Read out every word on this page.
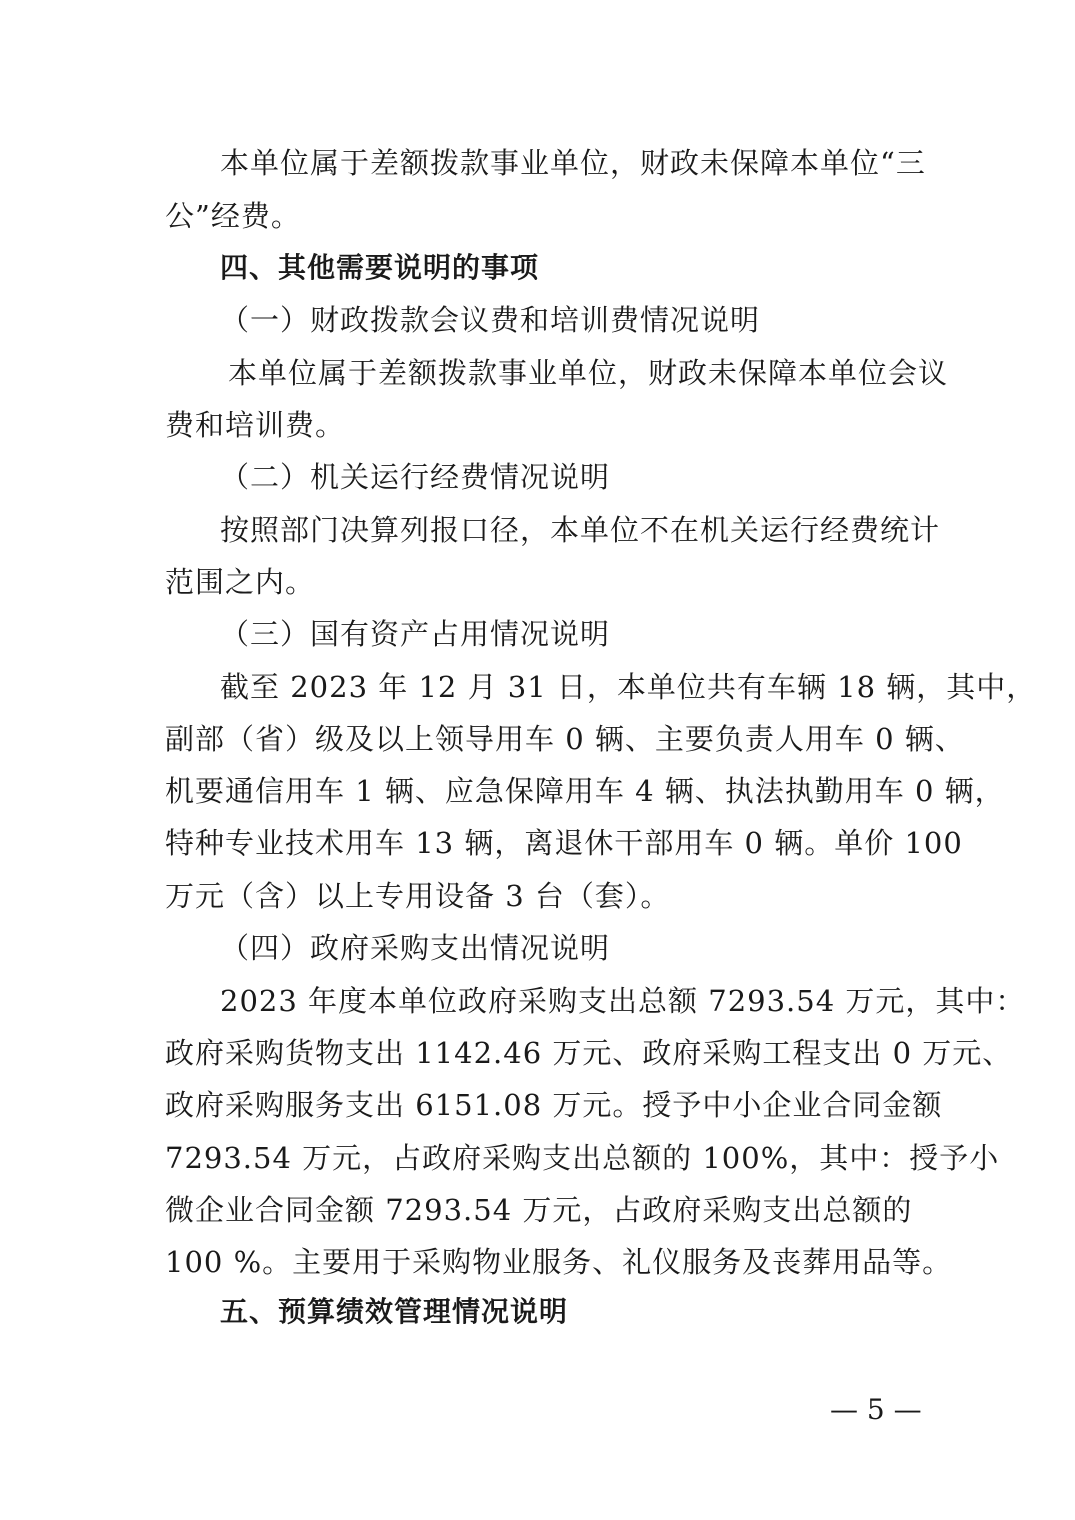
本单位属于差额拨款事业单位，财政未保障本单位“三
公”经费。
四、其他需要说明的事项
（一）财政拨款会议费和培训费情况说明
本单位属于差额拨款事业单位，财政未保障本单位会议
费和培训费。
（二）机关运行经费情况说明
按照部门决算列报口径，本单位不在机关运行经费统计
范围之内。
（三）国有资产占用情况说明
截至 2023 年 12 月 31 日，本单位共有车辆 18 辆，其中，
副部（省）级及以上领导用车 0 辆、主要负责人用车 0 辆、
机要通信用车 1 辆、应急保障用车 4 辆、执法执勤用车 0 辆，
特种专业技术用车 13 辆，离退休干部用车 0 辆。单价 100
万元（含）以上专用设备 3 台（套）。
（四）政府采购支出情况说明
2023 年度本单位政府采购支出总额 7293.54 万元，其中：
政府采购货物支出 1142.46 万元、政府采购工程支出 0 万元、
政府采购服务支出 6151.08 万元。授予中小企业合同金额
7293.54 万元，占政府采购支出总额的 100%，其中：授予小
微企业合同金额 7293.54 万元，占政府采购支出总额的
100 %。主要用于采购物业服务、礼仪服务及丧葬用品等。
五、预算绩效管理情况说明
— 5 —
